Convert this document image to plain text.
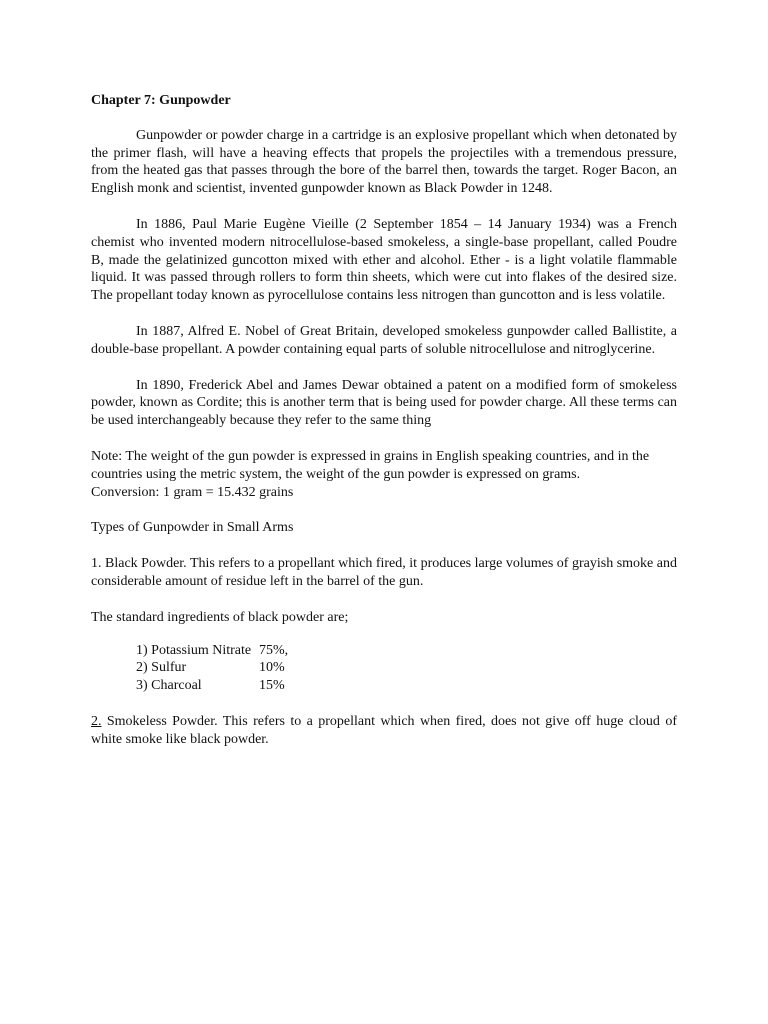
Chapter 7: Gunpowder

Gunpowder or powder charge in a cartridge is an explosive propellant which when detonated by the primer flash, will have a heaving effects that propels the projectiles with a tremendous pressure, from the heated gas that passes through the bore of the barrel then, towards the target. Roger Bacon, an English monk and scientist, invented gunpowder known as Black Powder in 1248.

In 1886, Paul Marie Eugène Vieille (2 September 1854 – 14 January 1934) was a French chemist who invented modern nitrocellulose-based smokeless, a single-base propellant, called Poudre B, made the gelatinized guncotton mixed with ether and alcohol. Ether - is a light volatile flammable liquid. It was passed through rollers to form thin sheets, which were cut into flakes of the desired size. The propellant today known as pyrocellulose contains less nitrogen than guncotton and is less volatile.

In 1887, Alfred E. Nobel of Great Britain, developed smokeless gunpowder called Ballistite, a double-base propellant. A powder containing equal parts of soluble nitrocellulose and nitroglycerine.

In 1890, Frederick Abel and James Dewar obtained a patent on a modified form of smokeless powder, known as Cordite; this is another term that is being used for powder charge. All these terms can be used interchangeably because they refer to the same thing

Note: The weight of the gun powder is expressed in grains in English speaking countries, and in the countries using the metric system, the weight of the gun powder is expressed on grams.
Conversion: 1 gram = 15.432 grains

Types of Gunpowder in Small Arms

1. Black Powder. This refers to a propellant which fired, it produces large volumes of grayish smoke and considerable amount of residue left in the barrel of the gun.

The standard ingredients of black powder are;

1) Potassium Nitrate 75%,
2) Sulfur	10%
3) Charcoal	15%

2. Smokeless Powder. This refers to a propellant which when fired, does not give off huge cloud of white smoke like black powder.
